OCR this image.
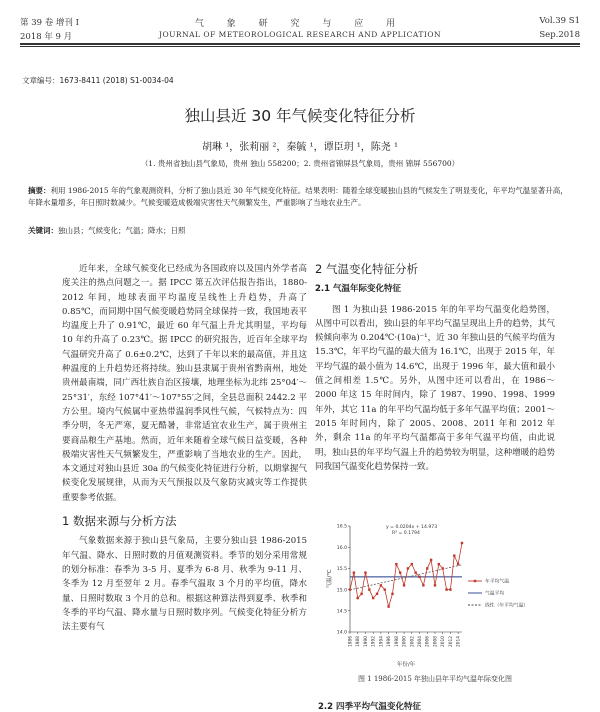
第 39 卷 增刊 I	气 象 研 究 与 应 用	Vol.39 S1
2018 年 9 月	JOURNAL OF METEOROLOGICAL RESEARCH AND APPLICATION	Sep.2018
文章编号：1673-8411 (2018) S1-0034-04
独山县近 30 年气候变化特征分析
胡琳 ¹，张莉丽 ²，秦毓 ¹，谭臣玥 ¹，陈尧 ¹
（1. 贵州省独山县气象局，贵州 独山 558200；2. 贵州省锦屏县气象局，贵州 锦屏 556700）
摘要：利用 1986-2015 年的气象观测资料，分析了独山县近 30 年气候变化特征。结果表明：随着全球变暖独山县的气候发生了明显变化，年平均气温显著升高，年降水量增多，年日照时数减少。气候变暖造成极端灾害性天气频繁发生，严重影响了当地农业生产。
关键词：独山县；气候变化；气温；降水；日照

近年来，全球气候变化已经成为各国政府以及国内外学者高度关注的热点问题之一。据 IPCC 第五次评估报告指出，1880-2012 年间，地球表面平均温度呈线性上升趋势，升高了 0.85℃，而同期中国气候变暖趋势同全球保持一致，我国地表平均温度上升了 0.91℃，最近 60 年气温上升尤其明显，平均每 10 年约升高了 0.23℃。据 IPCC 的研究报告，近百年全球平均气温研究升高了 0.6±0.2℃，达到了千年以来的最高值，并且这种温度的上升趋势还将持续。独山县隶属于贵州省黔南州，地处贵州最南端，同广西壮族自治区接壤，地理坐标为北纬 25°04′～25°31′，东经 107°41′～107°55′之间，全县总面积 2442.2 平方公里。境内气候属中亚热带温润季风性气候，气候特点为：四季分明，冬无严寒，夏无酷暑，非常适宜农业生产，属于贵州主要商品粮生产基地。然而，近年来随着全球气候日益变暖，各种极端灾害性天气频繁发生，严重影响了当地农业的生产。因此，本文通过对独山县近 30a 的气候变化特征进行分析，以期掌握气候变化发展规律，从而为天气预报以及气象防灾减灾等工作提供重要参考依据。

1 数据来源与分析方法

气象数据来源于独山县气象局，主要分独山县 1986-2015 年气温、降水、日照时数的月值观测资料。季节的划分采用常规的划分标准：春季为 3-5 月、夏季为 6-8 月、秋季为 9-11 月、冬季为 12 月至翌年 2 月。春季气温取 3 个月的平均值，降水量、日照时数取 3 个月的总和。根据这种算法得到夏季、秋季和冬季的平均气温、降水量与日照时数序列。气候变化特征分析方法主要有气

2 气温变化特征分析
2.1 气温年际变化特征

图 1 为独山县 1986-2015 年的年平均气温变化趋势图，从图中可以看出，独山县的年平均气温呈现出上升的趋势，其气候倾向率为 0.204℃·(10a)⁻¹，近 30 年独山县的气候平均值为 15.3℃，年平均气温的最大值为 16.1℃，出现于 2015 年，年平均气温的最小值为 14.6℃，出现于 1996 年，最大值和最小值之间相差 1.5℃。另外，从图中还可以看出，在 1986～2000 年这 15 年时间内，除了 1987、1990、1998、1999 年外，其它 11a 的年平均气温均低于多年气温平均值；2001～2015 年时间内，除了 2005、2008、2011 年和 2012 年外，剩余 11a 的年平均气温都高于多年气温平均值，由此说明，独山县的年平均气温上升的趋势较为明显，这种增暖的趋势同我国气温变化趋势保持一致。

14.0
14.5
15.0
15.5
16.0
16.5
1986 1988 1990 1992 1994 1996 1998 2000 2002 2004 2006 2008 2010 2012 2014
年份/年
气温/℃
y = 0.0204x + 14.973
R² = 0.1794
年平均气温
气温平均
线性（年平均气温）
图 1 1986-2015 年独山县年平均气温年际变化图
2.2 四季平均气温变化特征
